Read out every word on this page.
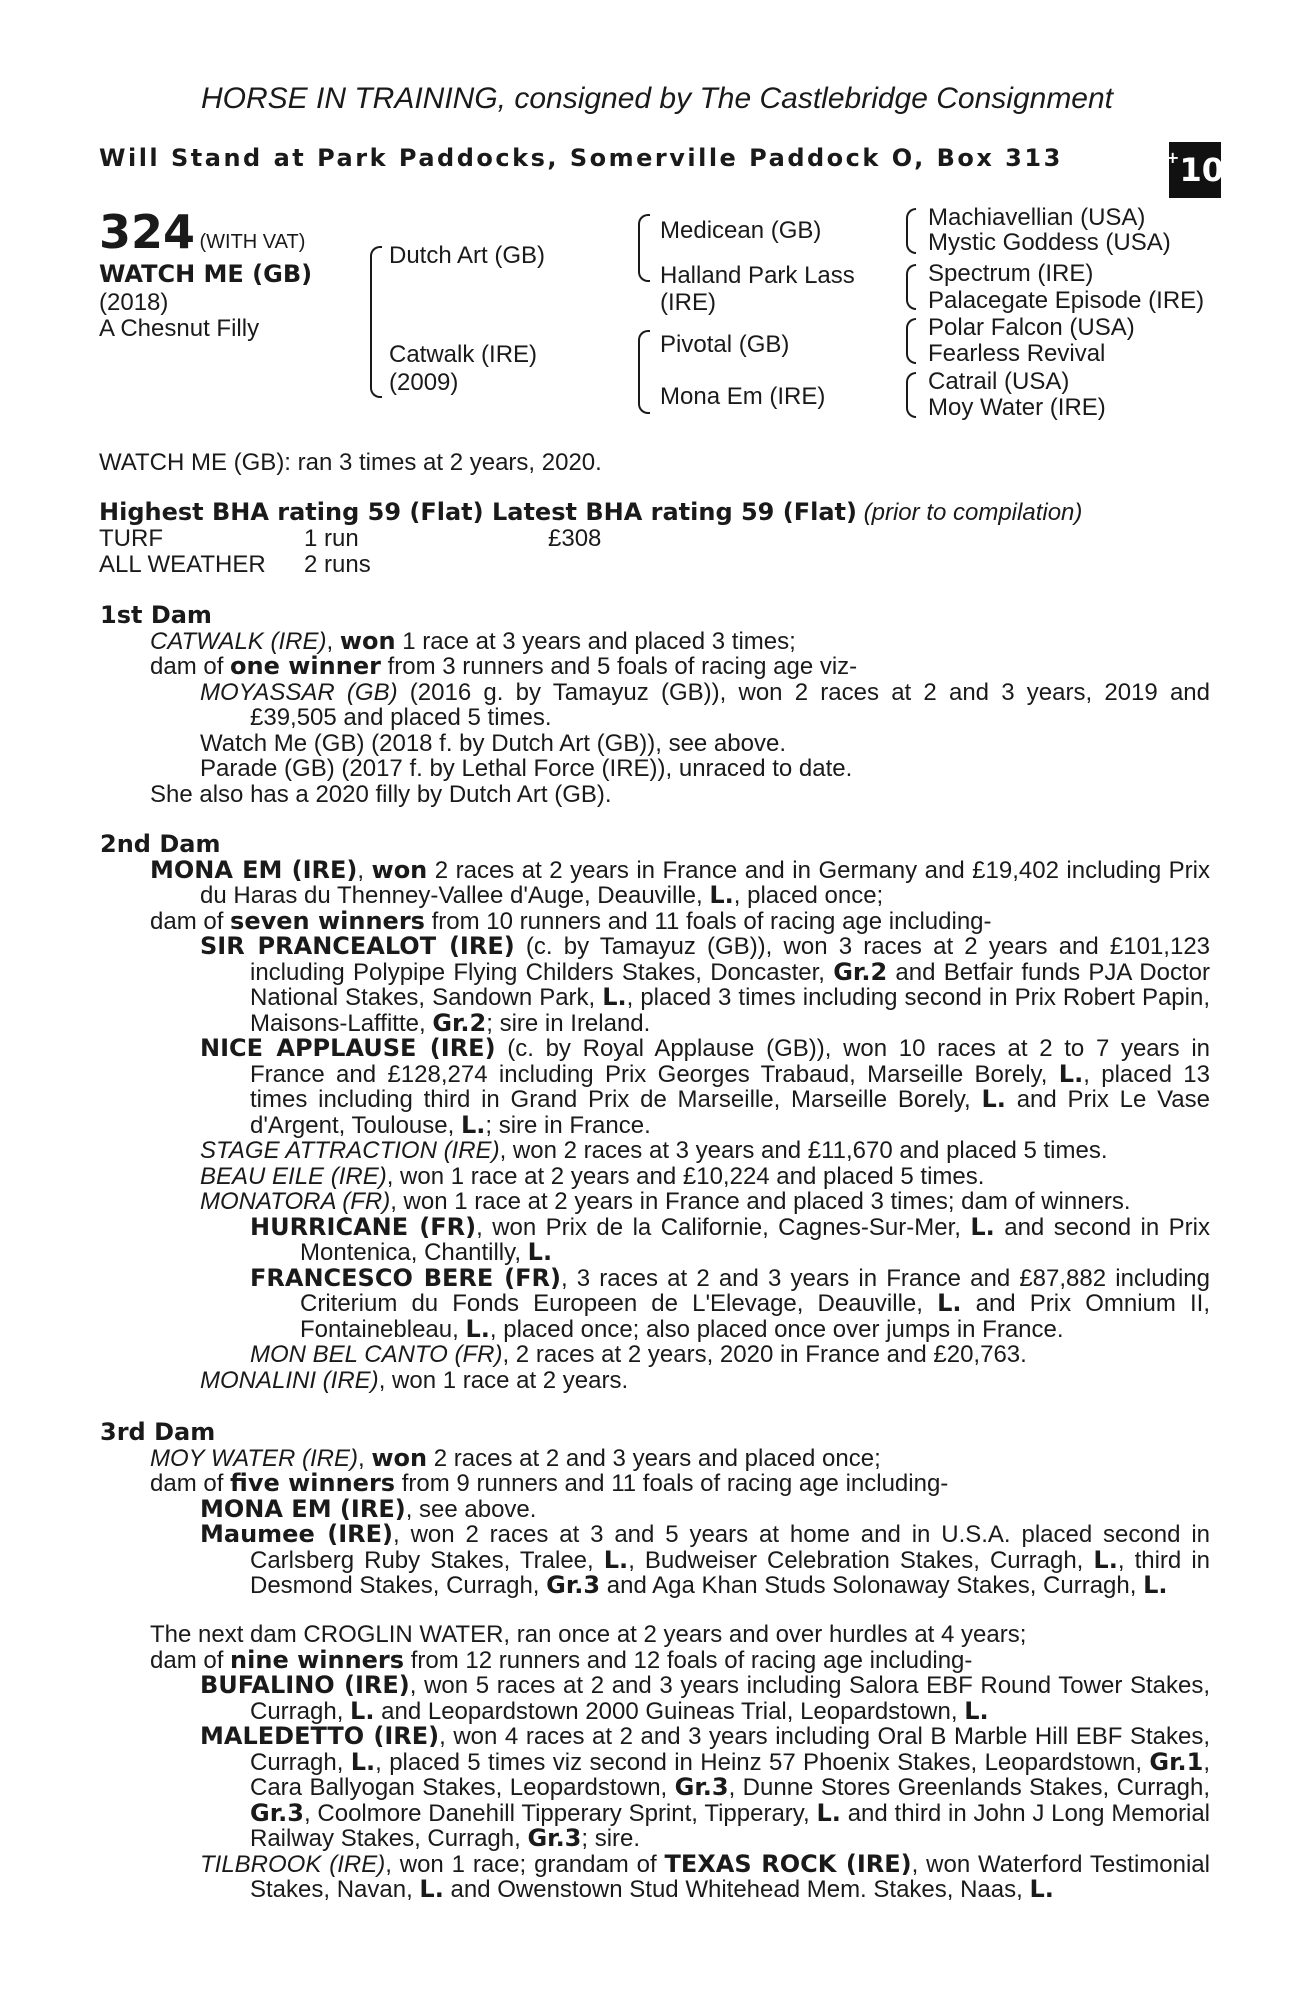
HORSE IN TRAINING, consigned by The Castlebridge Consignment
Will Stand at Park Paddocks, Somerville Paddock O, Box 313	+ 10
324 (WITH VAT)
WATCH ME (GB)
(2018)
A Chesnut Filly
Dutch Art (GB)
Catwalk (IRE)
(2009)
Medicean (GB)
Halland Park Lass
(IRE)
Pivotal (GB)
Mona Em (IRE)
Machiavellian (USA)
Mystic Goddess (USA)
Spectrum (IRE)
Palacegate Episode (IRE)
Polar Falcon (USA)
Fearless Revival
Catrail (USA)
Moy Water (IRE)
WATCH ME (GB): ran 3 times at 2 years, 2020.
Highest BHA rating 59 (Flat) Latest BHA rating 59 (Flat) (prior to compilation)
TURF	1 run	£308
ALL WEATHER 2 runs

1st Dam

CATWALK (IRE), won 1 race at 3 years and placed 3 times;

dam of one winner from 3 runners and 5 foals of racing age viz-

MOYASSAR (GB) (2016 g. by Tamayuz (GB)), won 2 races at 2 and 3 years, 2019 and £39,505 and placed 5 times.

Watch Me (GB) (2018 f. by Dutch Art (GB)), see above.

Parade (GB) (2017 f. by Lethal Force (IRE)), unraced to date.

She also has a 2020 filly by Dutch Art (GB).

2nd Dam

MONA EM (IRE), won 2 races at 2 years in France and in Germany and £19,402 including Prix du Haras du Thenney-Vallee d'Auge, Deauville, L., placed once;

dam of seven winners from 10 runners and 11 foals of racing age including-

SIR PRANCEALOT (IRE) (c. by Tamayuz (GB)), won 3 races at 2 years and £101,123 including Polypipe Flying Childers Stakes, Doncaster, Gr.2 and Betfair funds PJA Doctor National Stakes, Sandown Park, L., placed 3 times including second in Prix Robert Papin, Maisons-Laffitte, Gr.2; sire in Ireland.

NICE APPLAUSE (IRE) (c. by Royal Applause (GB)), won 10 races at 2 to 7 years in France and £128,274 including Prix Georges Trabaud, Marseille Borely, L., placed 13 times including third in Grand Prix de Marseille, Marseille Borely, L. and Prix Le Vase d'Argent, Toulouse, L.; sire in France.

STAGE ATTRACTION (IRE), won 2 races at 3 years and £11,670 and placed 5 times.

BEAU EILE (IRE), won 1 race at 2 years and £10,224 and placed 5 times.

MONATORA (FR), won 1 race at 2 years in France and placed 3 times; dam of winners.

HURRICANE (FR), won Prix de la Californie, Cagnes-Sur-Mer, L. and second in Prix Montenica, Chantilly, L.

FRANCESCO BERE (FR), 3 races at 2 and 3 years in France and £87,882 including Criterium du Fonds Europeen de L'Elevage, Deauville, L. and Prix Omnium II, Fontainebleau, L., placed once; also placed once over jumps in France.

MON BEL CANTO (FR), 2 races at 2 years, 2020 in France and £20,763.

MONALINI (IRE), won 1 race at 2 years.

3rd Dam

MOY WATER (IRE), won 2 races at 2 and 3 years and placed once;

dam of five winners from 9 runners and 11 foals of racing age including-

MONA EM (IRE), see above.

Maumee (IRE), won 2 races at 3 and 5 years at home and in U.S.A. placed second in Carlsberg Ruby Stakes, Tralee, L., Budweiser Celebration Stakes, Curragh, L., third in Desmond Stakes, Curragh, Gr.3 and Aga Khan Studs Solonaway Stakes, Curragh, L.

The next dam CROGLIN WATER, ran once at 2 years and over hurdles at 4 years;

dam of nine winners from 12 runners and 12 foals of racing age including-

BUFALINO (IRE), won 5 races at 2 and 3 years including Salora EBF Round Tower Stakes, Curragh, L. and Leopardstown 2000 Guineas Trial, Leopardstown, L.

MALEDETTO (IRE), won 4 races at 2 and 3 years including Oral B Marble Hill EBF Stakes, Curragh, L., placed 5 times viz second in Heinz 57 Phoenix Stakes, Leopardstown, Gr.1, Cara Ballyogan Stakes, Leopardstown, Gr.3, Dunne Stores Greenlands Stakes, Curragh, Gr.3, Coolmore Danehill Tipperary Sprint, Tipperary, L. and third in John J Long Memorial Railway Stakes, Curragh, Gr.3; sire.

TILBROOK (IRE), won 1 race; grandam of TEXAS ROCK (IRE), won Waterford Testimonial Stakes, Navan, L. and Owenstown Stud Whitehead Mem. Stakes, Naas, L.
